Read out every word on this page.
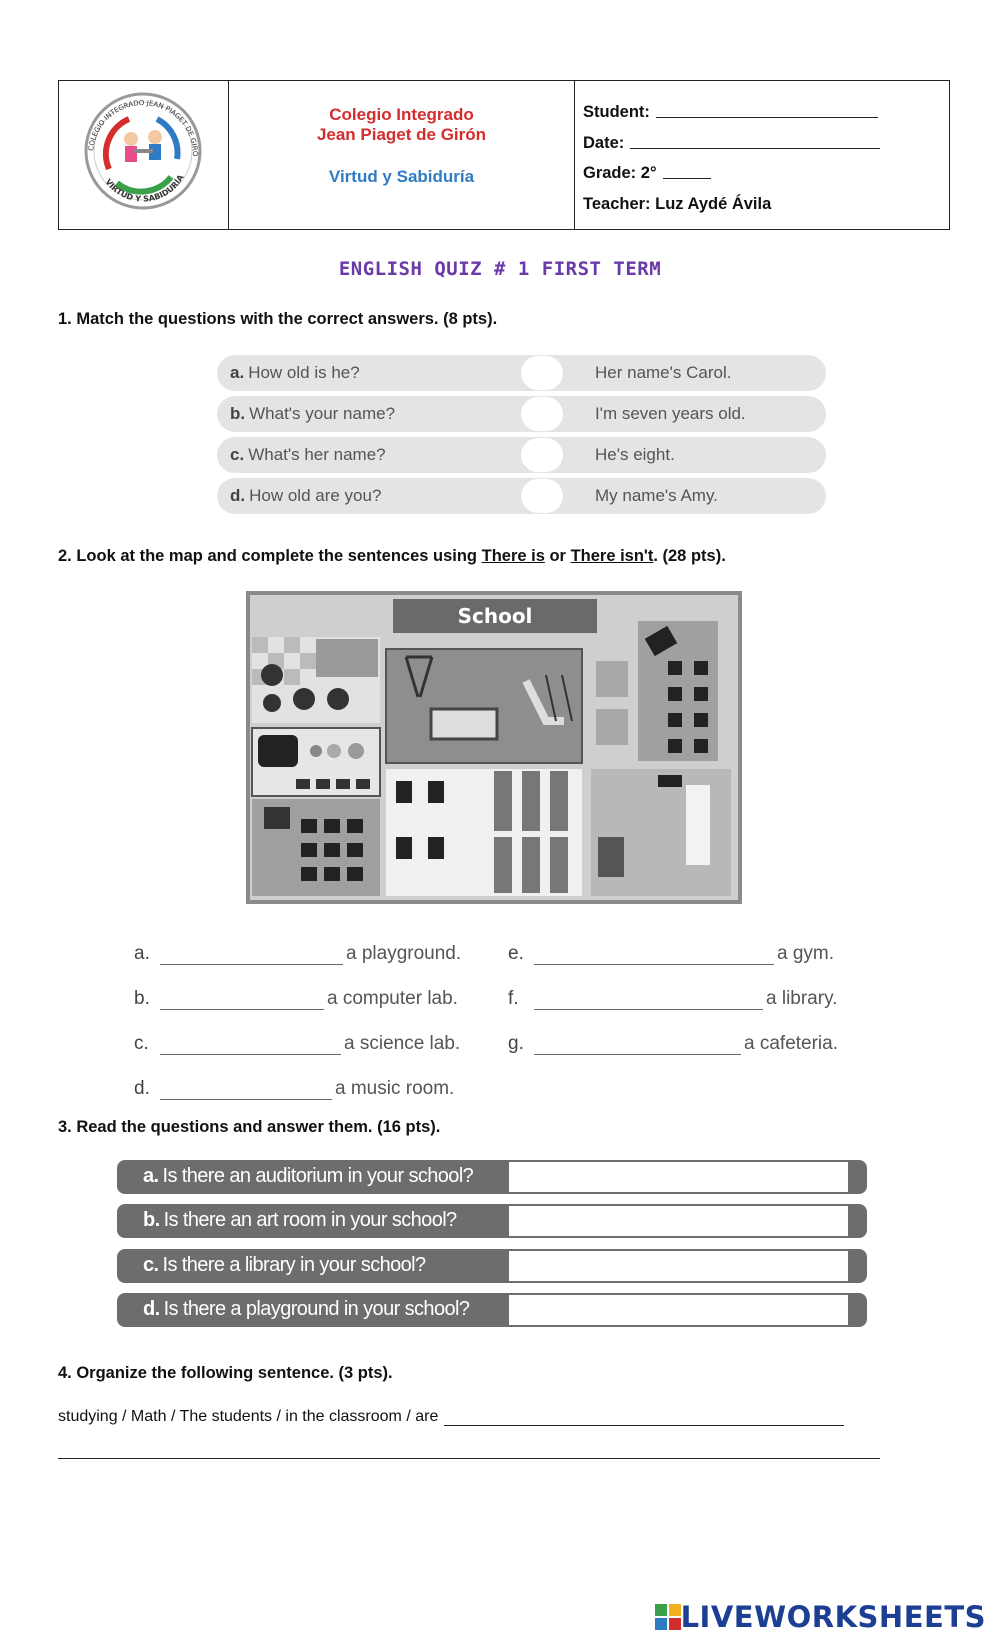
COLEGIO INTEGRADO JEAN PIAGET DE GIRÓ
VIRTUD Y SABIDURÍA
Colegio Integrado
Jean Piaget de Girón
Virtud y Sabiduría
Student:
Date:
Grade: 2°
Teacher: Luz Aydé Ávila
ENGLISH QUIZ # 1 FIRST TERM
1. Match the questions with the correct answers. (8 pts).
a. How old is he?	Her name's Carol.
b. What's your name?	I'm seven years old.
c. What's her name?	He's eight.
d. How old are you?	My name's Amy.
2. Look at the map and complete the sentences using There is or There isn't. (28 pts).
School
a.	a playground.
b.	a computer lab.
c.	a science lab.
d.	a music room.
e.	a gym.
f.	a library.
g.	a cafeteria.
3. Read the questions and answer them. (16 pts).
a. Is there an auditorium in your school?
b. Is there an art room in your school?
c. Is there a library in your school?
d. Is there a playground in your school?
4. Organize the following sentence. (3 pts).
studying / Math / The students / in the classroom / are
LIVEWORKSHEETS
